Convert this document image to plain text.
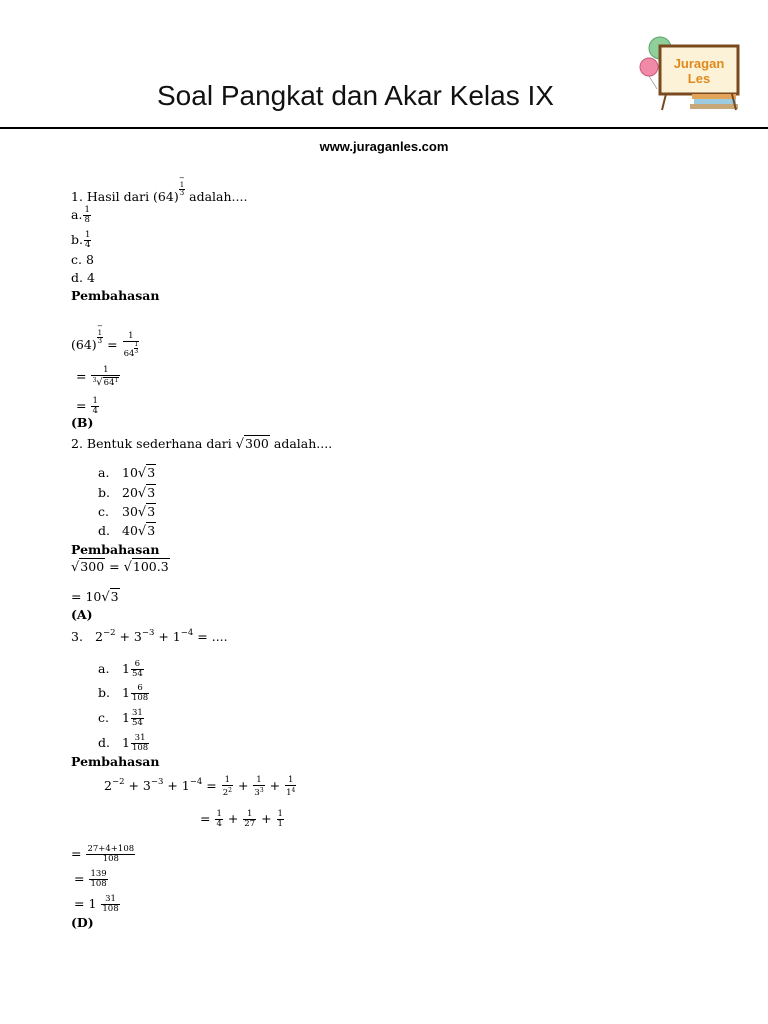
Soal Pangkat dan Akar Kelas IX
Juragan
Les
www.juraganles.com
1. Hasil dari (64)−
1
3 adalah....
a. $\frac{1}{8}$
b. $\frac{1}{4}$
c. 8
d. 4
Pembahasan
(64)−
1
$3 = \frac{1}{64 \frac{1}{3}}$
= $\frac{1}{^3√64^1}$
= $\frac{1}{4}$
(B)
2. Bentuk sederhana dari √300 adalah....
a. 10√3
b. 20√3
c. 30√3
d. 40√3
Pembahasan
√300 = √100.3
= 10√3
(A)
3. $2^{-2} + 3^{-3} + 1^{-4}$ = ....
a. $1 \frac{6}{54}$
b. $1 \frac{6}{108}$
c. $1 \frac{31}{54}$
d. $1 \frac{31}{108}$
Pembahasan
$2^{-2} + 3^{-3} + 1^{-4} = \frac{1}{2^2} + \frac{1}{3^3} + \frac{1}{1^4}$
= $\frac{1}{4} + \frac{1}{27} + \frac{1}{1}$
= $\frac{27+4+108}{108}$
= $\frac{139}{108}$
= $1 \frac{31}{108}$
(D)
